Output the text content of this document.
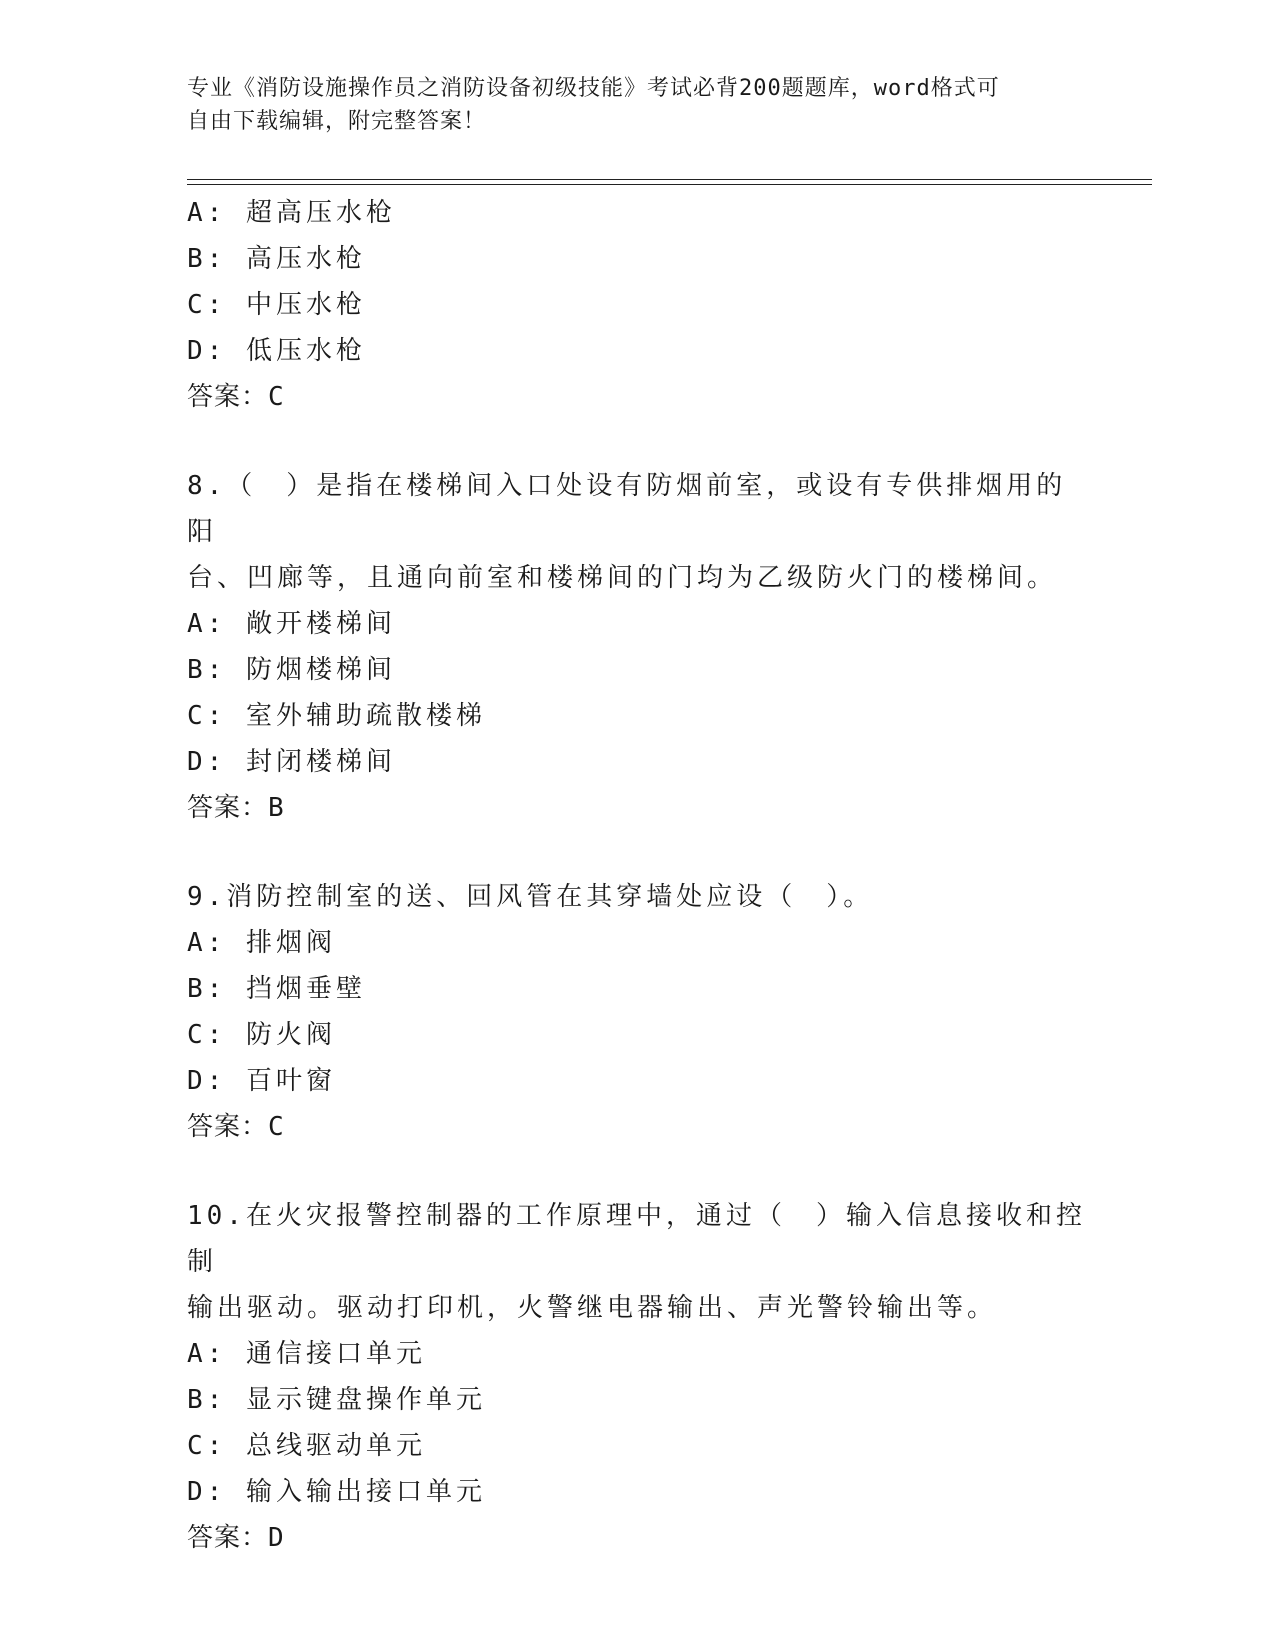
专业《消防设施操作员之消防设备初级技能》考试必背200题题库，word格式可
自由下载编辑，附完整答案！
A: 超高压水枪
B: 高压水枪
C: 中压水枪
D: 低压水枪
答案：C
8.（　）是指在楼梯间入口处设有防烟前室，或设有专供排烟用的阳
台、凹廊等，且通向前室和楼梯间的门均为乙级防火门的楼梯间。
A: 敞开楼梯间
B: 防烟楼梯间
C: 室外辅助疏散楼梯
D: 封闭楼梯间
答案：B
9.消防控制室的送、回风管在其穿墙处应设（　）。
A: 排烟阀
B: 挡烟垂壁
C: 防火阀
D: 百叶窗
答案：C
10.在火灾报警控制器的工作原理中，通过（　）输入信息接收和控制
输出驱动。驱动打印机，火警继电器输出、声光警铃输出等。
A: 通信接口单元
B: 显示键盘操作单元
C: 总线驱动单元
D: 输入输出接口单元
答案：D
